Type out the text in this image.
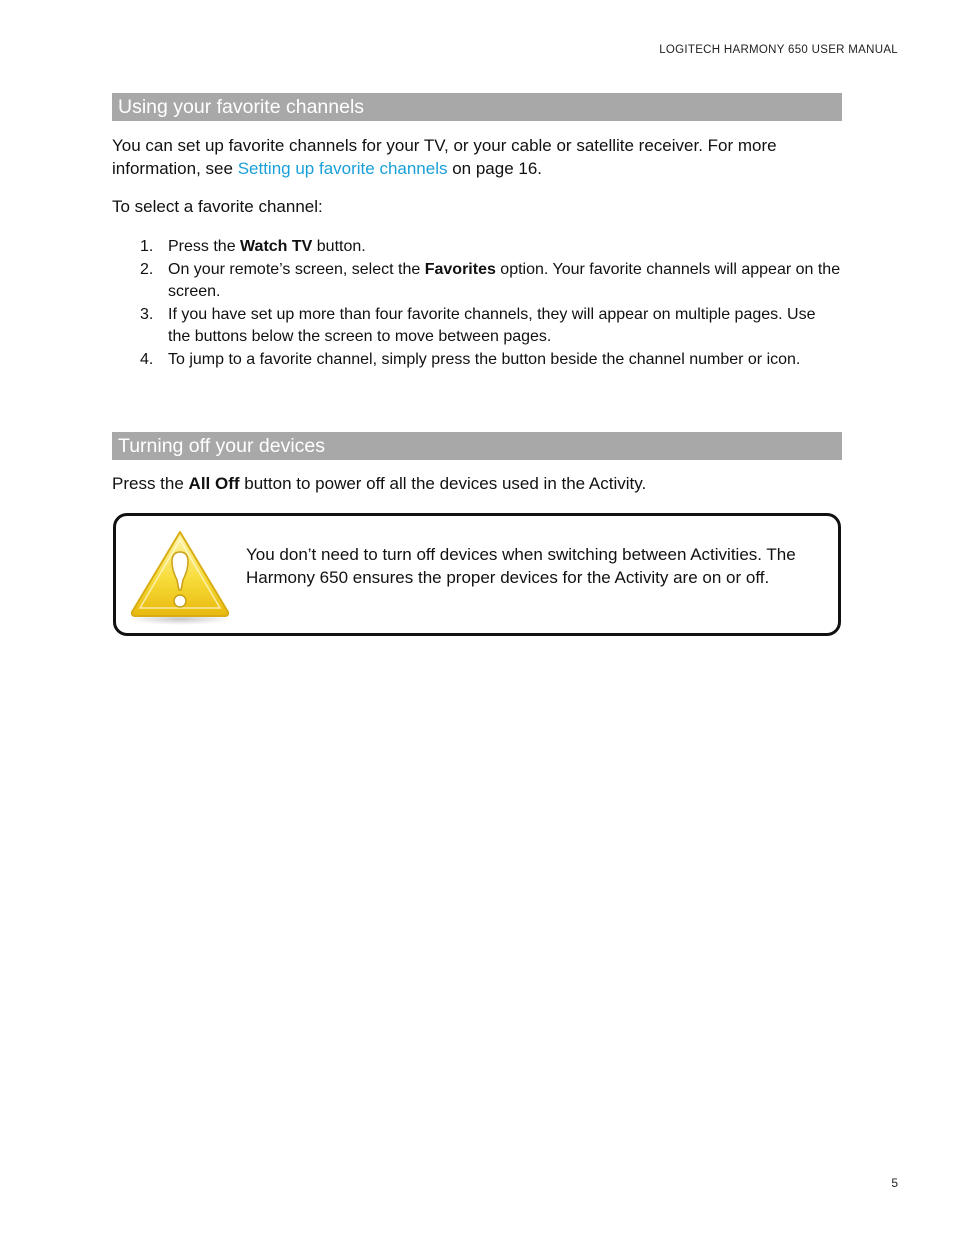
LOGITECH HARMONY 650 USER MANUAL
Using your favorite channels

You can set up favorite channels for your TV, or your cable or satellite receiver. For more information, see Setting up favorite channels on page 16.

To select a favorite channel:

1. Press the Watch TV button.
2. On your remote’s screen, select the Favorites option. Your favorite channels will appear on the screen.
3. If you have set up more than four favorite channels, they will appear on multiple pages. Use the buttons below the screen to move between pages.
4. To jump to a favorite channel, simply press the button beside the channel number or icon.
Turning off your devices

Press the All Off button to power off all the devices used in the Activity.

You don’t need to turn off devices when switching between Activities. The Harmony 650 ensures the proper devices for the Activity are on or off.
5
